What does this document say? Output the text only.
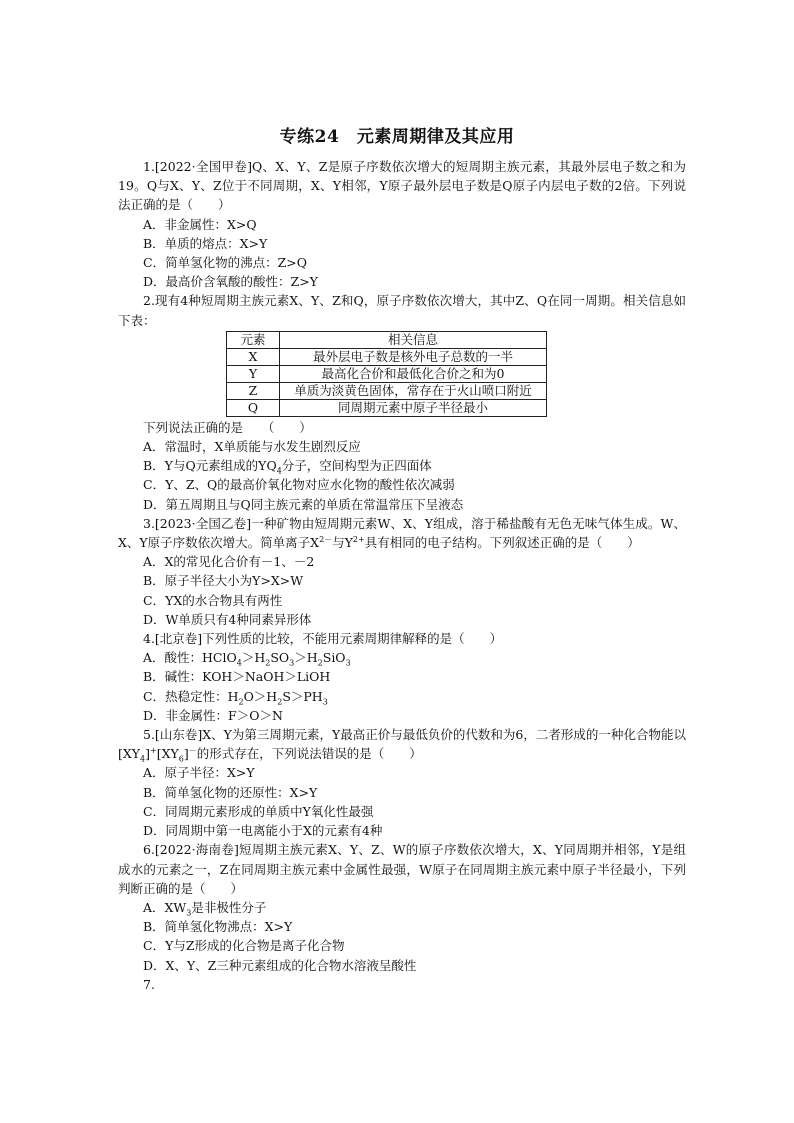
专练24　元素周期律及其应用

1.[2022·全国甲卷]Q、X、Y、Z是原子序数依次增大的短周期主族元素，其最外层电子数之和为19。Q与X、Y、Z位于不同周期，X、Y相邻，Y原子最外层电子数是Q原子内层电子数的2倍。下列说法正确的是（　　）

A．非金属性：X>Q

B．单质的熔点：X>Y

C．简单氢化物的沸点：Z>Q

D．最高价含氧酸的酸性：Z>Y

2.现有4种短周期主族元素X、Y、Z和Q，原子序数依次增大，其中Z、Q在同一周期。相关信息如下表：

元素	相关信息
X	最外层电子数是核外电子总数的一半
Y	最高化合价和最低化合价之和为0
Z	单质为淡黄色固体，常存在于火山喷口附近
Q	同周期元素中原子半径最小

下列说法正确的是　　（　　）

A．常温时，X单质能与水发生剧烈反应

B．Y与Q元素组成的$YQ_4$分子，空间构型为正四面体

C．Y、Z、Q的最高价氧化物对应水化物的酸性依次减弱

D．第五周期且与Q同主族元素的单质在常温常压下呈液态

3.[2023·全国乙卷]一种矿物由短周期元素W、X、Y组成，溶于稀盐酸有无色无味气体生成。W、X、Y原子序数依次增大。简单离子$X^{2-}$与$Y^{2+}$具有相同的电子结构。下列叙述正确的是（　　）

A．X的常见化合价有－1、－2

B．原子半径大小为Y>X>W

C．YX的水合物具有两性

D．W单质只有4种同素异形体

4.[北京卷]下列性质的比较，不能用元素周期律解释的是（　　）

A．酸性：$HClO_4>H_2SO_3>H_2SiO_3$

B．碱性：KOH＞NaOH＞LiOH

C．热稳定性：$H_2O>H_2S>PH_3$

D．非金属性：F＞O＞N

5.[山东卷]X、Y为第三周期元素，Y最高正价与最低负价的代数和为6，二者形成的一种化合物能以$[XY_4]^+[XY_6]^-$的形式存在，下列说法错误的是（　　）

A．原子半径：X>Y

B．简单氢化物的还原性：X>Y

C．同周期元素形成的单质中Y氧化性最强

D．同周期中第一电离能小于X的元素有4种

6.[2022·海南卷]短周期主族元素X、Y、Z、W的原子序数依次增大，X、Y同周期并相邻，Y是组成水的元素之一，Z在同周期主族元素中金属性最强，W原子在同周期主族元素中原子半径最小，下列判断正确的是（　　）

A．$XW_3$是非极性分子

B．简单氢化物沸点：X>Y

C．Y与Z形成的化合物是离子化合物

D．X、Y、Z三种元素组成的化合物水溶液呈酸性

7.
